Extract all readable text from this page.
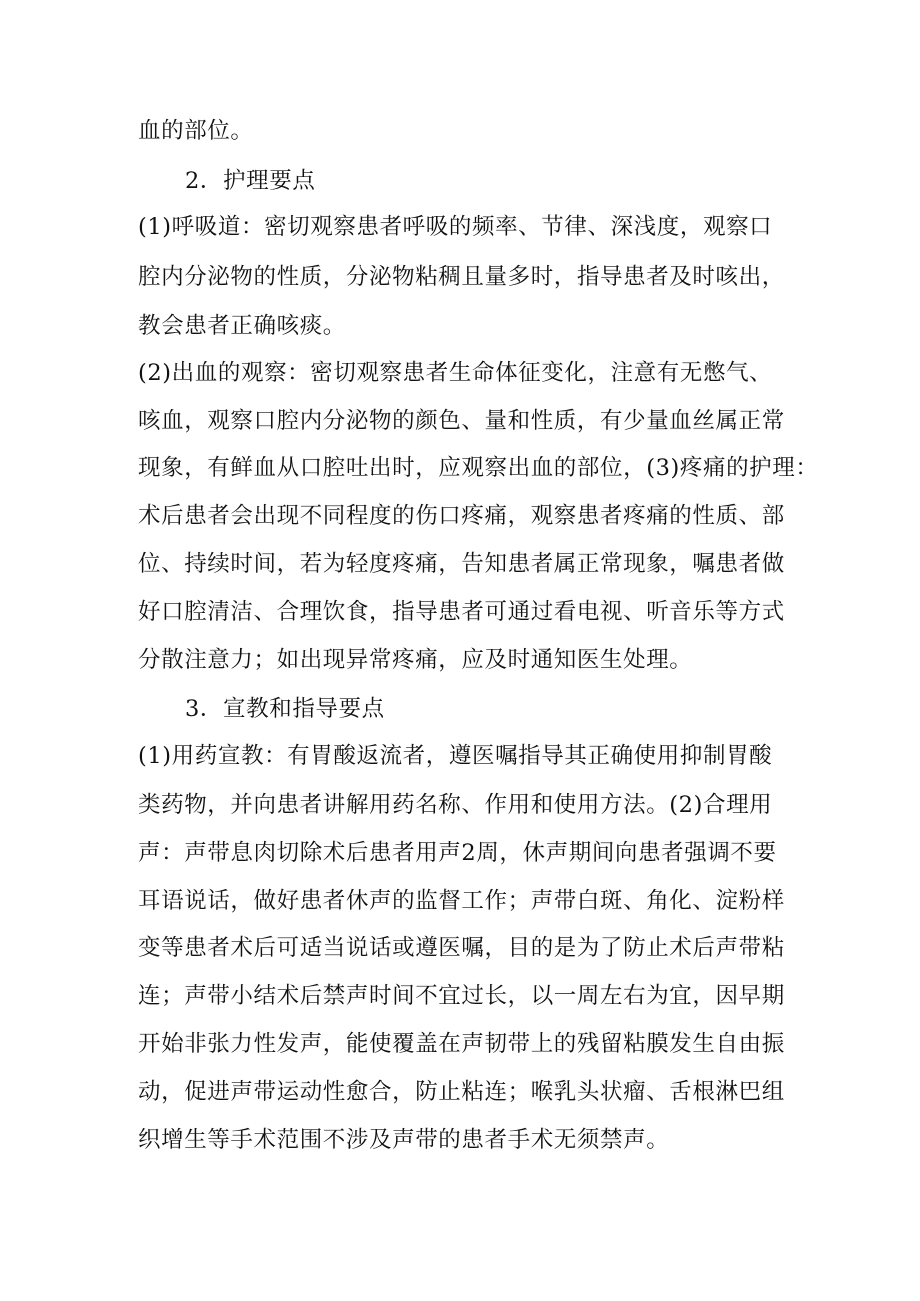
血的部位。
2．护理要点
(1)呼吸道：密切观察患者呼吸的频率、节律、深浅度，观察口
腔内分泌物的性质，分泌物粘稠且量多时，指导患者及时咳出，
教会患者正确咳痰。
(2)出血的观察：密切观察患者生命体征变化，注意有无憋气、
咳血，观察口腔内分泌物的颜色、量和性质，有少量血丝属正常
现象，有鲜血从口腔吐出时，应观察出血的部位，(3)疼痛的护理：
术后患者会出现不同程度的伤口疼痛，观察患者疼痛的性质、部
位、持续时间，若为轻度疼痛，告知患者属正常现象，嘱患者做
好口腔清洁、合理饮食，指导患者可通过看电视、听音乐等方式
分散注意力；如出现异常疼痛，应及时通知医生处理。
3．宣教和指导要点
(1)用药宣教：有胃酸返流者，遵医嘱指导其正确使用抑制胃酸
类药物，并向患者讲解用药名称、作用和使用方法。(2)合理用
声：声带息肉切除术后患者用声2周，休声期间向患者强调不要
耳语说话，做好患者休声的监督工作；声带白斑、角化、淀粉样
变等患者术后可适当说话或遵医嘱，目的是为了防止术后声带粘
连；声带小结术后禁声时间不宜过长，以一周左右为宜，因早期
开始非张力性发声，能使覆盖在声韧带上的残留粘膜发生自由振
动，促进声带运动性愈合，防止粘连；喉乳头状瘤、舌根淋巴组
织增生等手术范围不涉及声带的患者手术无须禁声。
